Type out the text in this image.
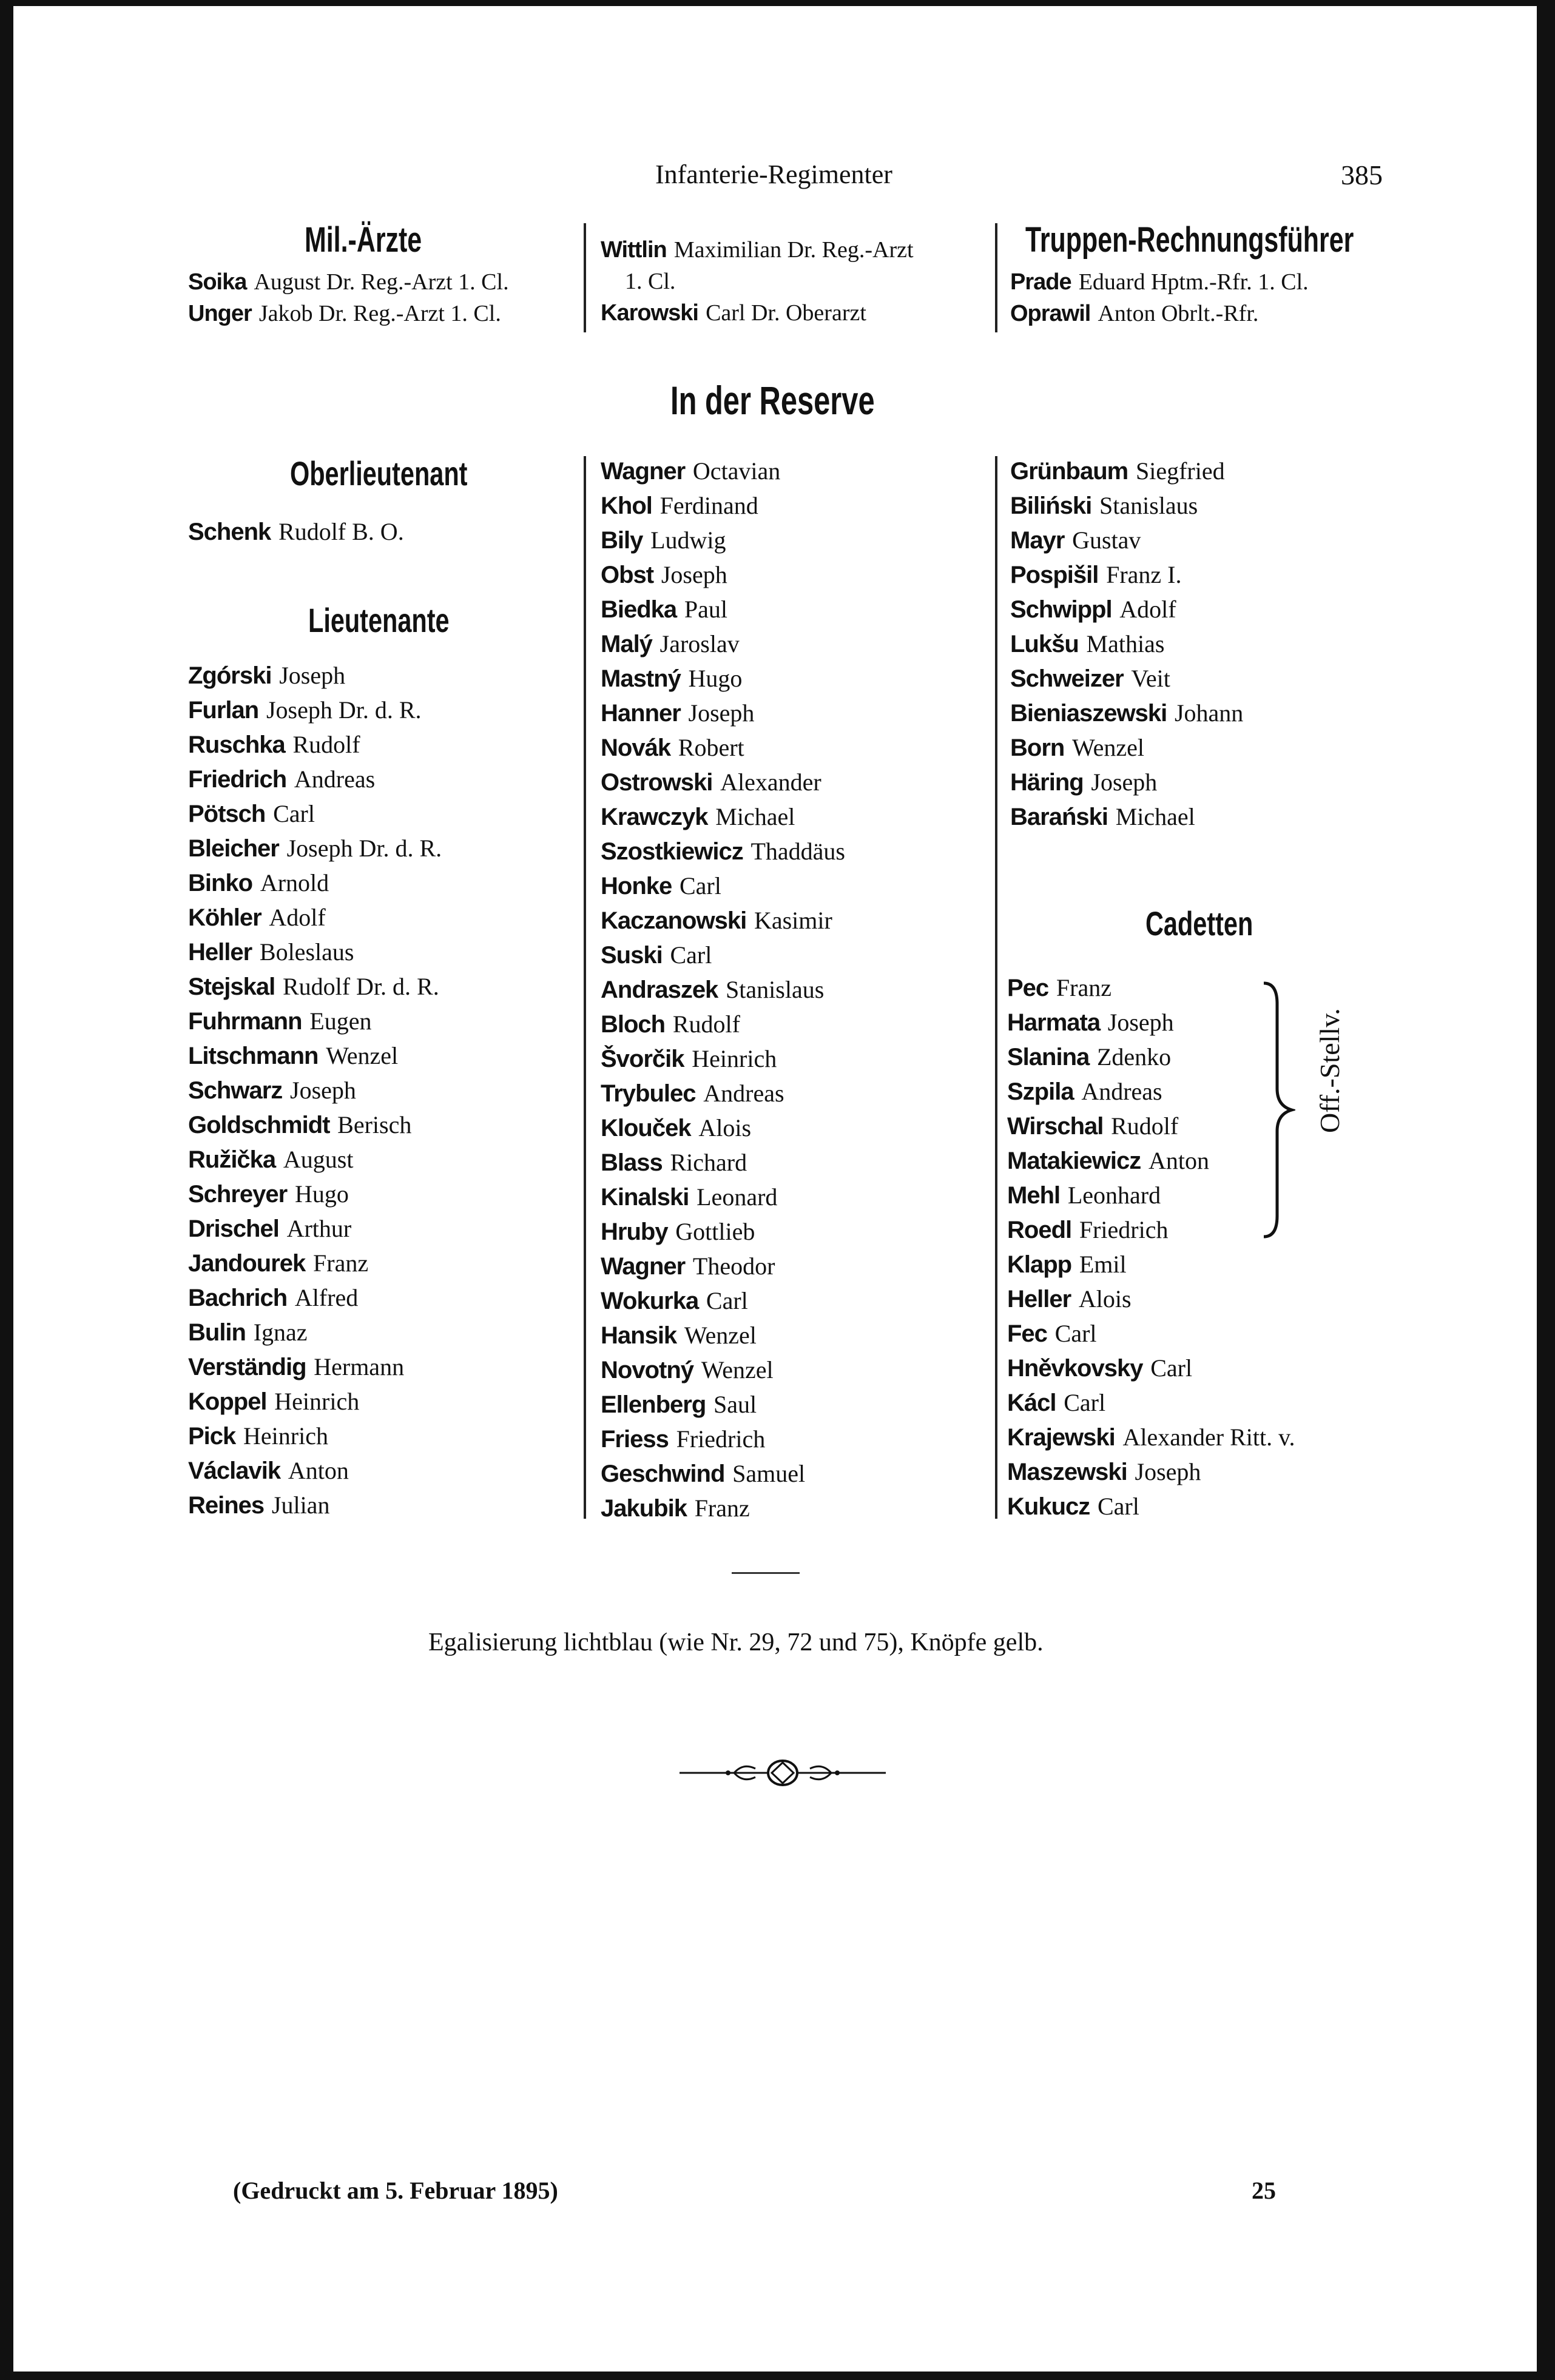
Infanterie-Regimenter	385
Mil.-Ärzte
Soika August Dr. Reg.-Arzt 1. Cl.
Unger Jakob Dr. Reg.-Arzt 1. Cl.
Wittlin Maximilian Dr. Reg.-Arzt
1. Cl.
Karowski Carl Dr. Oberarzt
Truppen-Rechnungsführer
Prade Eduard Hptm.-Rfr. 1. Cl.
Oprawil Anton Obrlt.-Rfr.
In der Reserve
Oberlieutenant
Schenk Rudolf B. O.
Lieutenante
Zgórski Joseph
Furlan Joseph Dr. d. R.
Ruschka Rudolf
Friedrich Andreas
Pötsch Carl
Bleicher Joseph Dr. d. R.
Binko Arnold
Köhler Adolf
Heller Boleslaus
Stejskal Rudolf Dr. d. R.
Fuhrmann Eugen
Litschmann Wenzel
Schwarz Joseph
Goldschmidt Berisch
Ružička August
Schreyer Hugo
Drischel Arthur
Jandourek Franz
Bachrich Alfred
Bulin Ignaz
Verständig Hermann
Koppel Heinrich
Pick Heinrich
Václavik Anton
Reines Julian
Wagner Octavian
Khol Ferdinand
Bily Ludwig
Obst Joseph
Biedka Paul
Malý Jaroslav
Mastný Hugo
Hanner Joseph
Novák Robert
Ostrowski Alexander
Krawczyk Michael
Szostkiewicz Thaddäus
Honke Carl
Kaczanowski Kasimir
Suski Carl
Andraszek Stanislaus
Bloch Rudolf
Švorčik Heinrich
Trybulec Andreas
Klouček Alois
Blass Richard
Kinalski Leonard
Hruby Gottlieb
Wagner Theodor
Wokurka Carl
Hansik Wenzel
Novotný Wenzel
Ellenberg Saul
Friess Friedrich
Geschwind Samuel
Jakubik Franz
Grünbaum Siegfried
Biliński Stanislaus
Mayr Gustav
Pospišil Franz I.
Schwippl Adolf
Lukšu Mathias
Schweizer Veit
Bieniaszewski Johann
Born Wenzel
Häring Joseph
Barański Michael
Cadetten
Pec Franz
Harmata Joseph
Slanina Zdenko
Szpila Andreas
Wirschal Rudolf
Matakiewicz Anton
Mehl Leonhard
Roedl Friedrich
Klapp Emil
Heller Alois
Fec Carl
Hněvkovsky Carl
Kácl Carl
Krajewski Alexander Ritt. v.
Maszewski Joseph
Kukucz Carl
Off.-Stellv.
Egalisierung lichtblau (wie Nr. 29, 72 und 75), Knöpfe gelb.
(Gedruckt am 5. Februar 1895)	25
